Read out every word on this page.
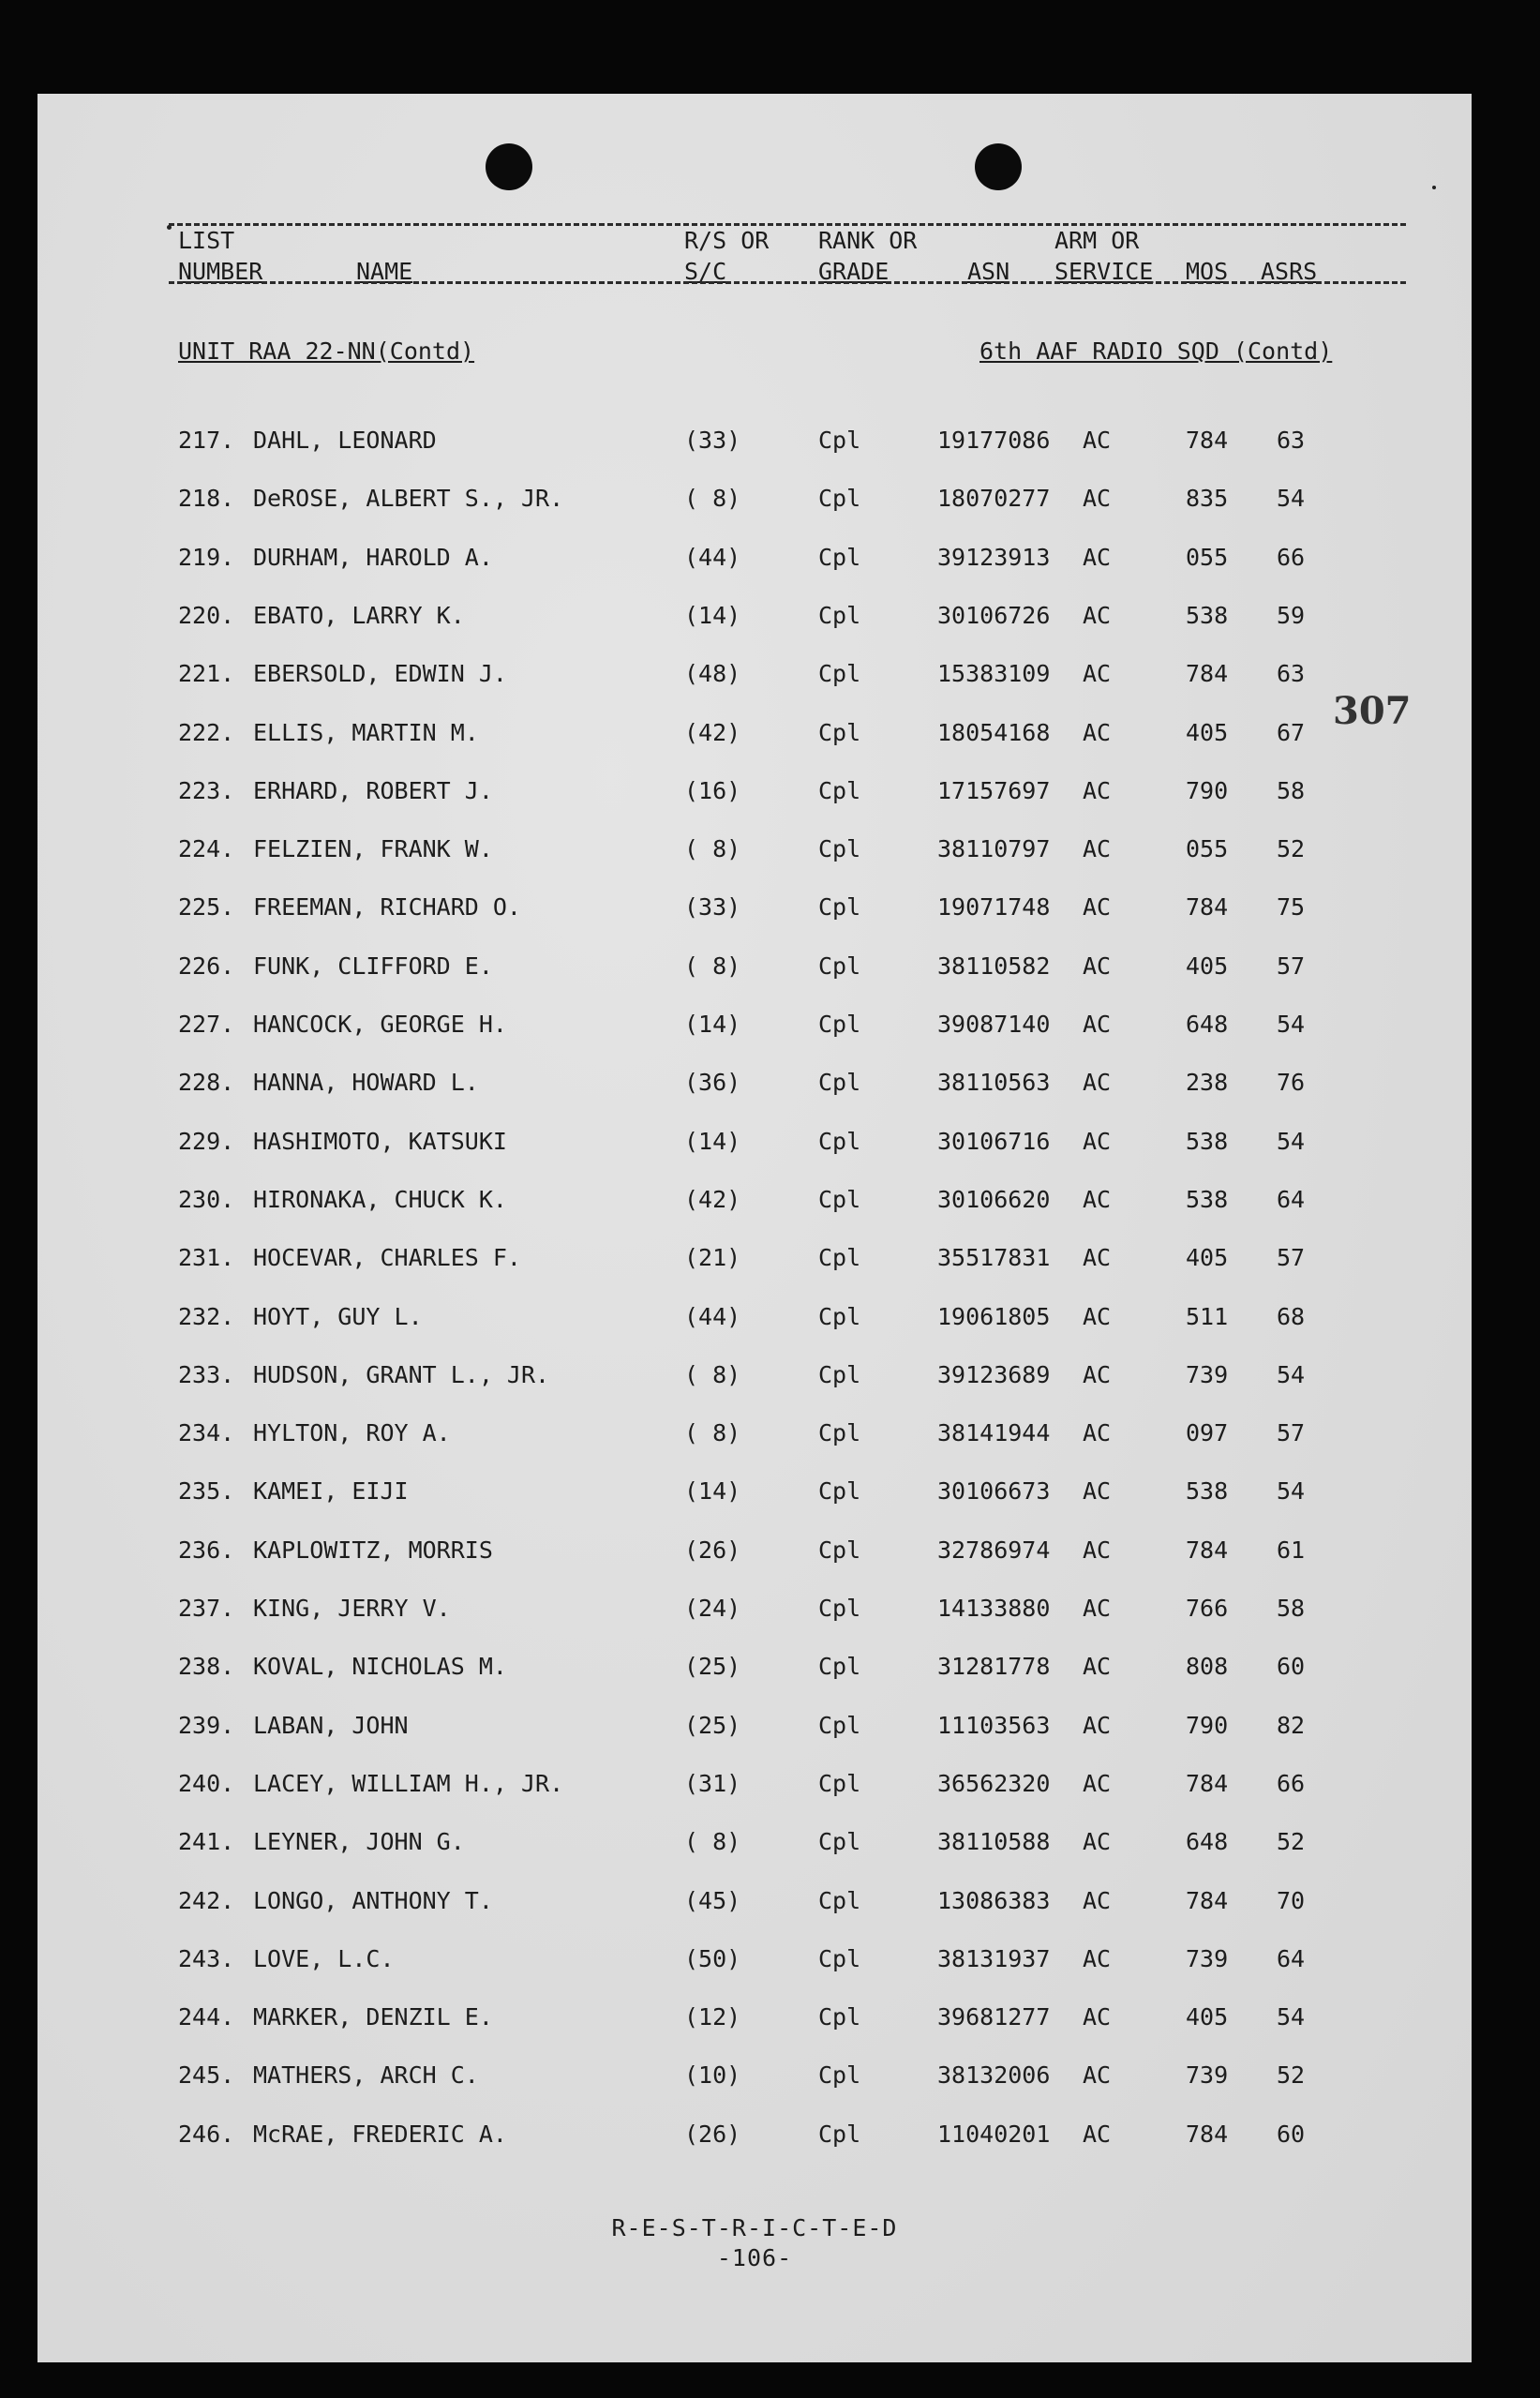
LIST	R/S OR RANK OR	ARM OR
NUMBER	NAME	S/C	GRADE	ASN SERVICE MOS ASRS
UNIT RAA 22-NN(Contd)	6th AAF RADIO SQD (Contd)
307
217. DAHL, LEONARD	(33)	Cpl	19177086 AC	784 63
218. DeROSE, ALBERT S., JR.	( 8)	Cpl	18070277 AC	835 54
219. DURHAM, HAROLD A.	(44)	Cpl	39123913 AC	055 66
220. EBATO, LARRY K.	(14)	Cpl	30106726 AC	538 59
221. EBERSOLD, EDWIN J.	(48)	Cpl	15383109 AC	784 63
222. ELLIS, MARTIN M.	(42)	Cpl	18054168 AC	405 67
223. ERHARD, ROBERT J.	(16)	Cpl	17157697 AC	790 58
224. FELZIEN, FRANK W.	( 8)	Cpl	38110797 AC	055 52
225. FREEMAN, RICHARD O.	(33)	Cpl	19071748 AC	784 75
226. FUNK, CLIFFORD E.	( 8)	Cpl	38110582 AC	405 57
227. HANCOCK, GEORGE H.	(14)	Cpl	39087140 AC	648 54
228. HANNA, HOWARD L.	(36)	Cpl	38110563 AC	238 76
229. HASHIMOTO, KATSUKI	(14)	Cpl	30106716 AC	538 54
230. HIRONAKA, CHUCK K.	(42)	Cpl	30106620 AC	538 64
231. HOCEVAR, CHARLES F.	(21)	Cpl	35517831 AC	405 57
232. HOYT, GUY L.	(44)	Cpl	19061805 AC	511 68
233. HUDSON, GRANT L., JR.	( 8)	Cpl	39123689 AC	739 54
234. HYLTON, ROY A.	( 8)	Cpl	38141944 AC	097 57
235. KAMEI, EIJI	(14)	Cpl	30106673 AC	538 54
236. KAPLOWITZ, MORRIS	(26)	Cpl	32786974 AC	784 61
237. KING, JERRY V.	(24)	Cpl	14133880 AC	766 58
238. KOVAL, NICHOLAS M.	(25)	Cpl	31281778 AC	808 60
239. LABAN, JOHN	(25)	Cpl	11103563 AC	790 82
240. LACEY, WILLIAM H., JR.	(31)	Cpl	36562320 AC	784 66
241. LEYNER, JOHN G.	( 8)	Cpl	38110588 AC	648 52
242. LONGO, ANTHONY T.	(45)	Cpl	13086383 AC	784 70
243. LOVE, L.C.	(50)	Cpl	38131937 AC	739 64
244. MARKER, DENZIL E.	(12)	Cpl	39681277 AC	405 54
245. MATHERS, ARCH C.	(10)	Cpl	38132006 AC	739 52
246. McRAE, FREDERIC A.	(26)	Cpl	11040201 AC	784 60
R-E-S-T-R-I-C-T-E-D
-106-
